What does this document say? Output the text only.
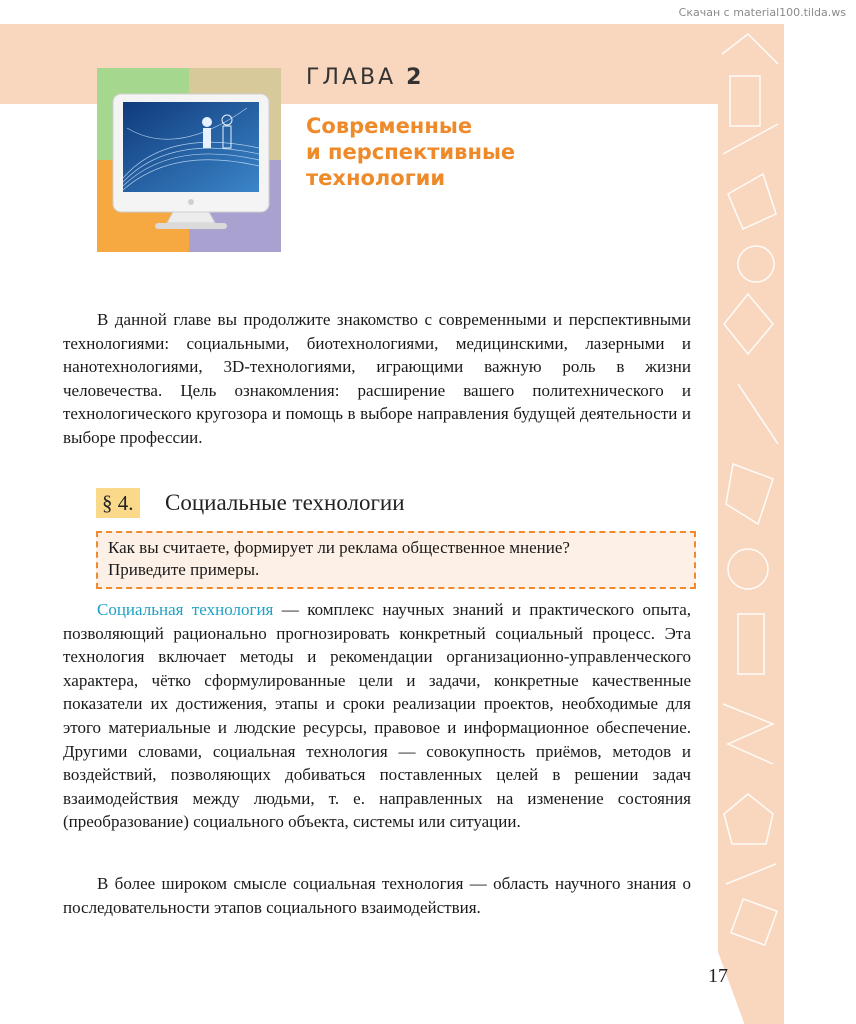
Скачан с material100.tilda.ws
ГЛАВА 2
Современные
и перспективные
технологии

В данной главе вы продолжите знакомство с современными и перспективными технологиями: социальными, биотехнологиями, медицинскими, лазерными и нанотехнологиями, 3D-технологиями, играющими важную роль в жизни человечества. Цель ознакомления: расширение вашего политехнического и технологического кругозора и помощь в выборе направления будущей деятельности и выборе профессии.

§ 4. Социальные технологии
Как вы считаете, формирует ли реклама общественное мнение?
Приведите примеры.

Социальная технология — комплекс научных знаний и практического опыта, позволяющий рационально прогнозировать конкретный социальный процесс. Эта технология включает методы и рекомендации организационно-управленческого характера, чётко сформулированные цели и задачи, конкретные качественные показатели их достижения, этапы и сроки реализации проектов, необходимые для этого материальные и людские ресурсы, правовое и информационное обеспечение. Другими словами, социальная технология — совокупность приёмов, методов и воздействий, позволяющих добиваться поставленных целей в решении задач взаимодействия между людьми, т. е. направленных на изменение состояния (преобразование) социального объекта, системы или ситуации.

В более широком смысле социальная технология — область научного знания о последовательности этапов социального взаимодействия.

17
